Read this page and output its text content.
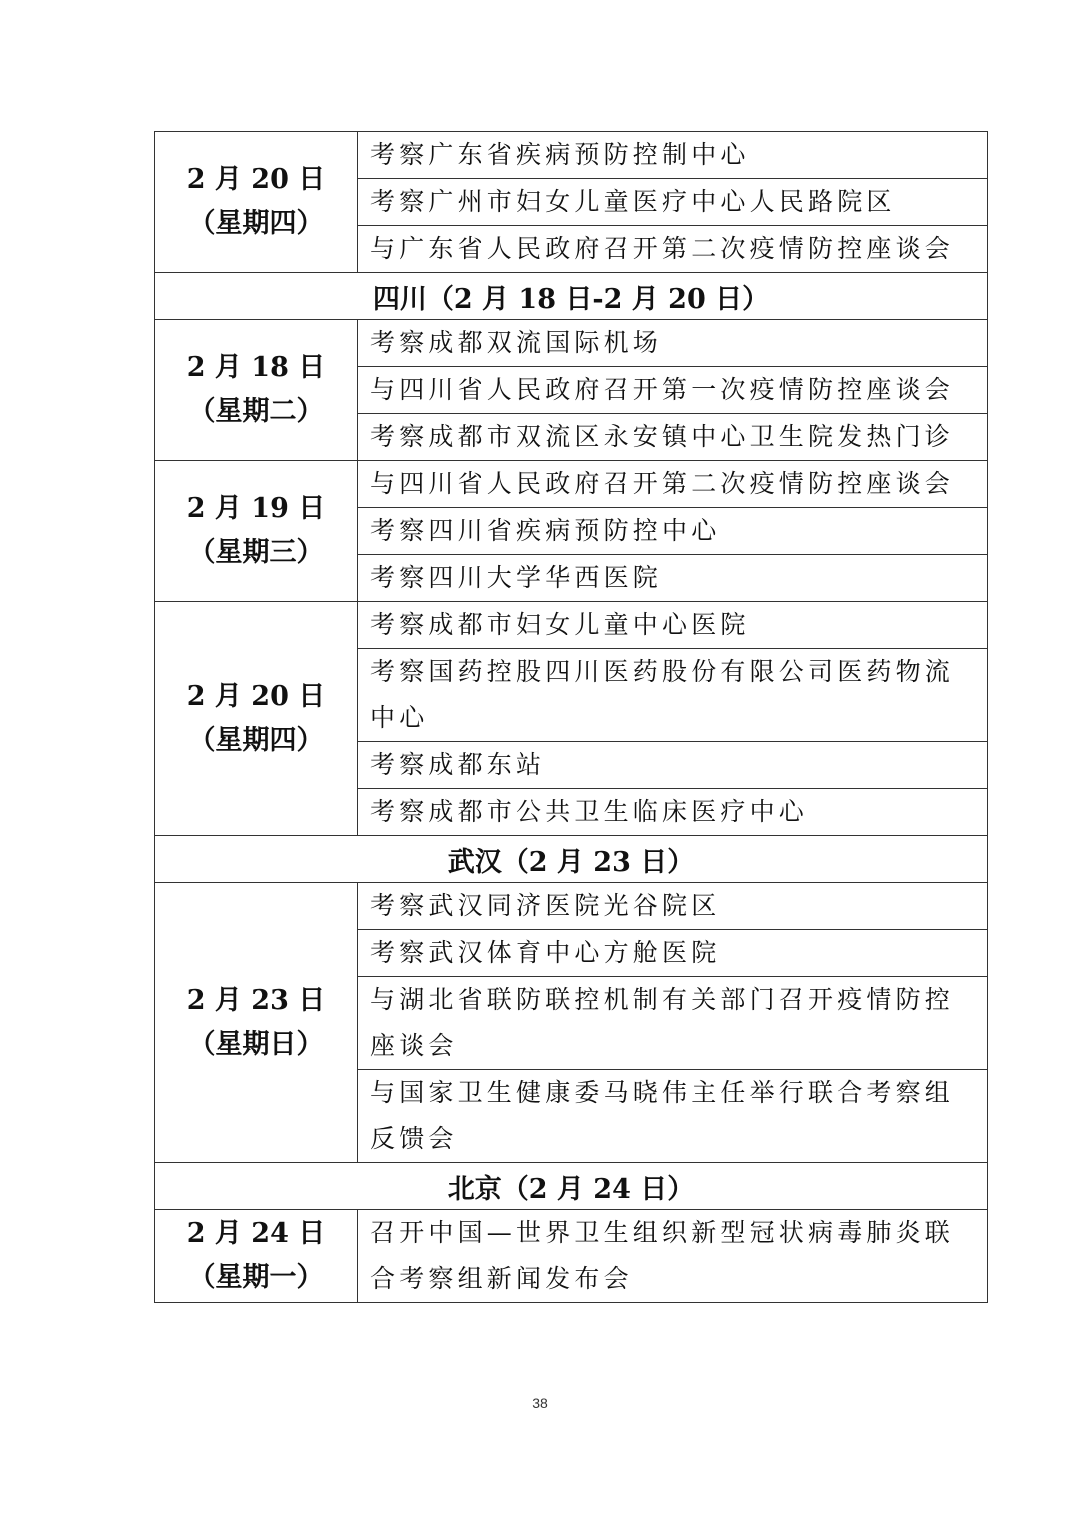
2 月 20 日
（星期四）	考察广东省疾病预防控制中心
	考察广州市妇女儿童医疗中心人民路院区
	与广东省人民政府召开第二次疫情防控座谈会
四川（2 月 18 日-2 月 20 日）	

2 月 18 日
（星期二）	考察成都双流国际机场
	与四川省人民政府召开第一次疫情防控座谈会
	考察成都市双流区永安镇中心卫生院发热门诊

2 月 19 日
（星期三）	与四川省人民政府召开第二次疫情防控座谈会
	考察四川省疾病预防控中心
	考察四川大学华西医院

2 月 20 日
（星期四）	考察成都市妇女儿童中心医院
	考察国药控股四川医药股份有限公司医药物流中心
	考察成都东站
	考察成都市公共卫生临床医疗中心
武汉（2 月 23 日）	

2 月 23 日
（星期日）	考察武汉同济医院光谷院区
	考察武汉体育中心方舱医院
	与湖北省联防联控机制有关部门召开疫情防控座谈会
	与国家卫生健康委马晓伟主任举行联合考察组反馈会
北京（2 月 24 日）	

2 月 24 日
（星期一）	召开中国—世界卫生组织新型冠状病毒肺炎联合考察组新闻发布会
38
